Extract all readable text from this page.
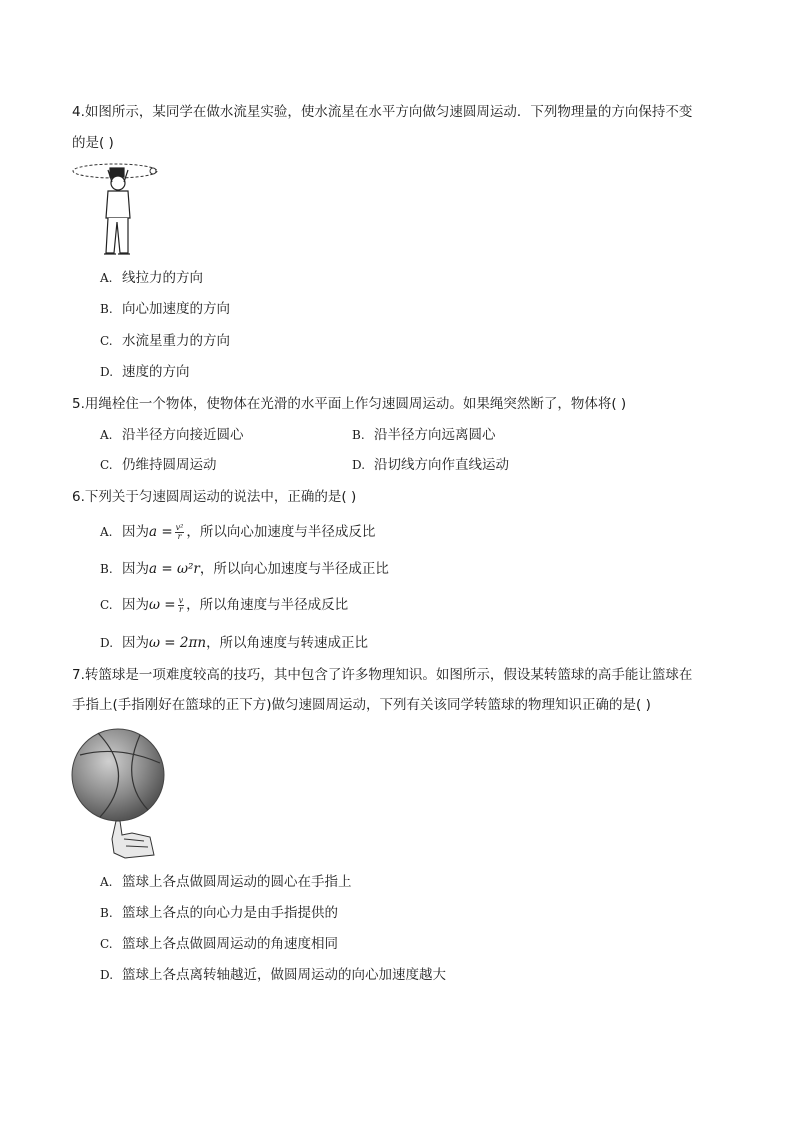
4.如图所示，某同学在做水流星实验，使水流星在水平方向做匀速圆周运动．下列物理量的方向保持不变
的是( )
A. 线拉力的方向
B. 向心加速度的方向
C. 水流星重力的方向
D. 速度的方向
5.用绳栓住一个物体，使物体在光滑的水平面上作匀速圆周运动。如果绳突然断了，物体将( )
A. 沿半径方向接近圆心	B. 沿半径方向远离圆心
C. 仍维持圆周运动	D. 沿切线方向作直线运动
6.下列关于匀速圆周运动的说法中，正确的是( )
A. 因为$a = \frac{\text{v²}}{r}$ ，所以向心加速度与半径成反比
B. 因为a = ω²r，所以向心加速度与半径成正比
C. 因为$\omega = \frac{v}{r}$ ，所以角速度与半径成反比
D. 因为ω = 2πn，所以角速度与转速成正比
7.转篮球是一项难度较高的技巧，其中包含了许多物理知识。如图所示，假设某转篮球的高手能让篮球在
手指上(手指刚好在篮球的正下方)做匀速圆周运动，下列有关该同学转篮球的物理知识正确的是( )
A. 篮球上各点做圆周运动的圆心在手指上
B. 篮球上各点的向心力是由手指提供的
C. 篮球上各点做圆周运动的角速度相同
D. 篮球上各点离转轴越近，做圆周运动的向心加速度越大
